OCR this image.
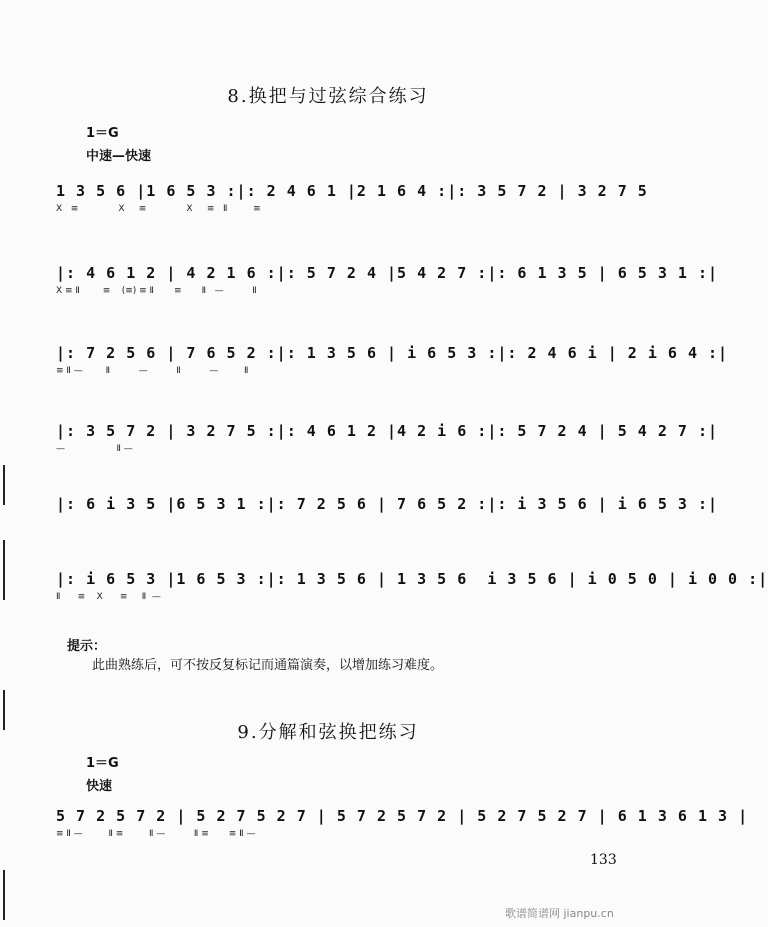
8.换把与过弦综合练习
1＝G
中速—快速
1 3 5 6 |1 6 5 3 :|: 2 4 6 1 |2 1 6 4 :|: 3 5 7 2 | 3 2 7 5
X   ≡              X     ≡              X     ≡   Ⅱ         ≡
|: 4 6 1 2 | 4 2 1 6 :|: 5 7 2 4 |5 4 2 7 :|: 6 1 3 5 | 6 5 3 1 :|
X ≡ Ⅱ        ≡    (≡) ≡ Ⅱ       ≡       Ⅱ   —          Ⅱ
|: 7 2 5 6 | 7 6 5 2 :|: 1 3 5 6 | i 6 5 3 :|: 2 4 6 i | 2 i 6 4 :|
≡ Ⅱ —        Ⅱ          —          Ⅱ          —         Ⅱ
|: 3 5 7 2 | 3 2 7 5 :|: 4 6 1 2 |4 2 i 6 :|: 5 7 2 4 | 5 4 2 7 :|
—                  Ⅱ —
|: 6 i 3 5 |6 5 3 1 :|: 7 2 5 6 | 7 6 5 2 :|: i 3 5 6 | i 6 5 3 :|
|: i 6 5 3 |1 6 5 3 :|: 1 3 5 6 | 1 3 5 6  i 3 5 6 | i 0 5 0 | i 0 0 :|
Ⅱ      ≡    X      ≡     Ⅱ  —
提示：
此曲熟练后，可不按反复标记而通篇演奏，以增加练习难度。
9.分解和弦换把练习
1＝G
快速
5 7 2 5 7 2 | 5 2 7 5 2 7 | 5 7 2 5 7 2 | 5 2 7 5 2 7 | 6 1 3 6 1 3 |
≡ Ⅱ —         Ⅱ ≡         Ⅱ —          Ⅱ ≡       ≡ Ⅱ —
133
歌谱简谱网 jianpu.cn
